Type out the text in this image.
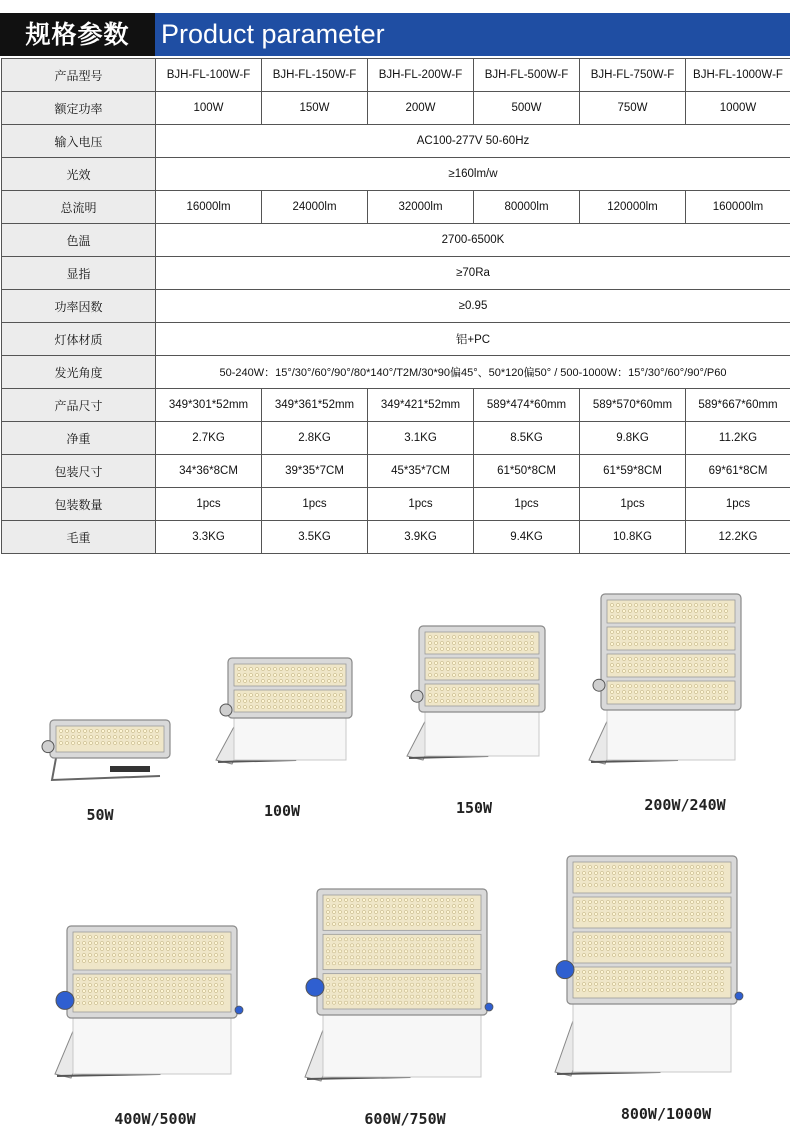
规格参数	Product parameter
产品型号	BJH-FL-100W-F	BJH-FL-150W-F	BJH-FL-200W-F	BJH-FL-500W-F	BJH-FL-750W-F	BJH-FL-1000W-F
额定功率	100W	150W	200W	500W	750W	1000W
输入电压	AC100-277V 50-60Hz					
光效	≥160lm/w					
总流明	16000lm	24000lm	32000lm	80000lm	120000lm	160000lm
色温	2700-6500K					
显指	≥70Ra					
功率因数	≥0.95					
灯体材质	铝+PC					
发光角度	50-240W：15°/30°/60°/90°/80*140°/T2M/30*90偏45°、50*120偏50° / 500-1000W：15°/30°/60°/90°/P60					
产品尺寸	349*301*52mm	349*361*52mm	349*421*52mm	589*474*60mm	589*570*60mm	589*667*60mm
净重	2.7KG	2.8KG	3.1KG	8.5KG	9.8KG	11.2KG
包装尺寸	34*36*8CM	39*35*7CM	45*35*7CM	61*50*8CM	61*59*8CM	69*61*8CM
包装数量	1pcs	1pcs	1pcs	1pcs	1pcs	1pcs
毛重	3.3KG	3.5KG	3.9KG	9.4KG	10.8KG	12.2KG
50W	100W	150W	200W/240W
400W/500W	600W/750W	800W/1000W
